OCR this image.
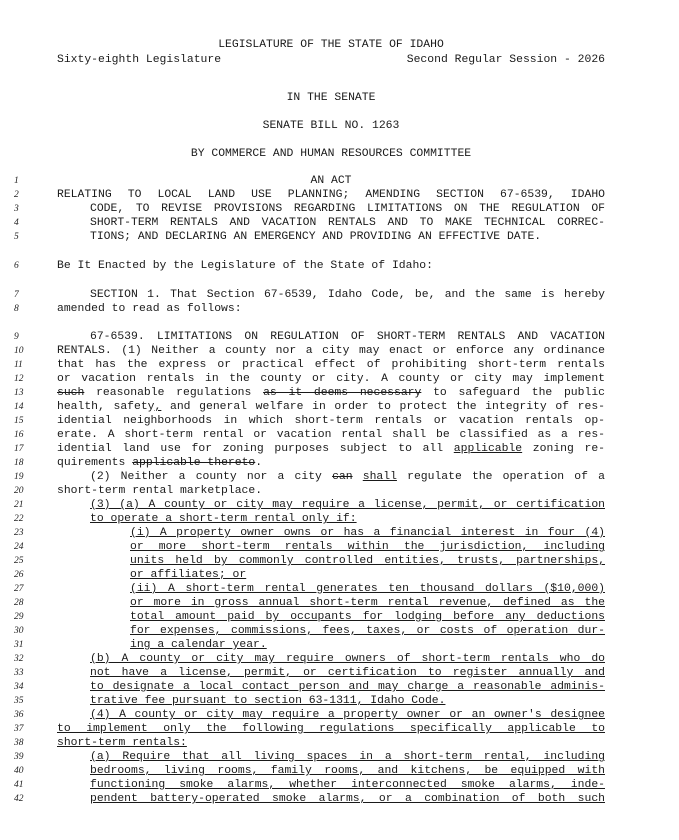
LEGISLATURE OF THE STATE OF IDAHO
Sixty-eighth Legislature	Second Regular Session - 2026
IN THE SENATE
SENATE BILL NO. 1263
BY COMMERCE AND HUMAN RESOURCES COMMITTEE
1	AN ACT
2	RELATING TO LOCAL LAND USE PLANNING; AMENDING SECTION 67-6539, IDAHO
3	CODE, TO REVISE PROVISIONS REGARDING LIMITATIONS ON THE REGULATION OF
4	SHORT-TERM RENTALS AND VACATION RENTALS AND TO MAKE TECHNICAL CORREC-
5	TIONS; AND DECLARING AN EMERGENCY AND PROVIDING AN EFFECTIVE DATE.
6	Be It Enacted by the Legislature of the State of Idaho:
7	SECTION 1. That Section 67-6539, Idaho Code, be, and the same is hereby
8	amended to read as follows:
9	67-6539. LIMITATIONS ON REGULATION OF SHORT-TERM RENTALS AND VACATION
10	RENTALS. (1) Neither a county nor a city may enact or enforce any ordinance
11	that has the express or practical effect of prohibiting short-term rentals
12	or vacation rentals in the county or city. A county or city may implement
13	such reasonable regulations as it deems necessary to safeguard the public
14	health, safety, and general welfare in order to protect the integrity of res-
15	idential neighborhoods in which short-term rentals or vacation rentals op-
16	erate. A short-term rental or vacation rental shall be classified as a res-
17	idential land use for zoning purposes subject to all applicable zoning re-
18	quirements applicable thereto.
19	(2) Neither a county nor a city can shall regulate the operation of a
20	short-term rental marketplace.
21	(3) (a) A county or city may require a license, permit, or certification
22	to operate a short-term rental only if:
23	(i) A property owner owns or has a financial interest in four (4)
24	or more short-term rentals within the jurisdiction, including
25	units held by commonly controlled entities, trusts, partnerships,
26	or affiliates; or
27	(ii) A short-term rental generates ten thousand dollars ($10,000)
28	or more in gross annual short-term rental revenue, defined as the
29	total amount paid by occupants for lodging before any deductions
30	for expenses, commissions, fees, taxes, or costs of operation dur-
31	ing a calendar year.
32	(b) A county or city may require owners of short-term rentals who do
33	not have a license, permit, or certification to register annually and
34	to designate a local contact person and may charge a reasonable adminis-
35	trative fee pursuant to section 63-1311, Idaho Code.
36	(4) A county or city may require a property owner or an owner's designee
37	to implement only the following regulations specifically applicable to
38	short-term rentals:
39	(a) Require that all living spaces in a short-term rental, including
40	bedrooms, living rooms, family rooms, and kitchens, be equipped with
41	functioning smoke alarms, whether interconnected smoke alarms, inde-
42	pendent battery-operated smoke alarms, or a combination of both such
